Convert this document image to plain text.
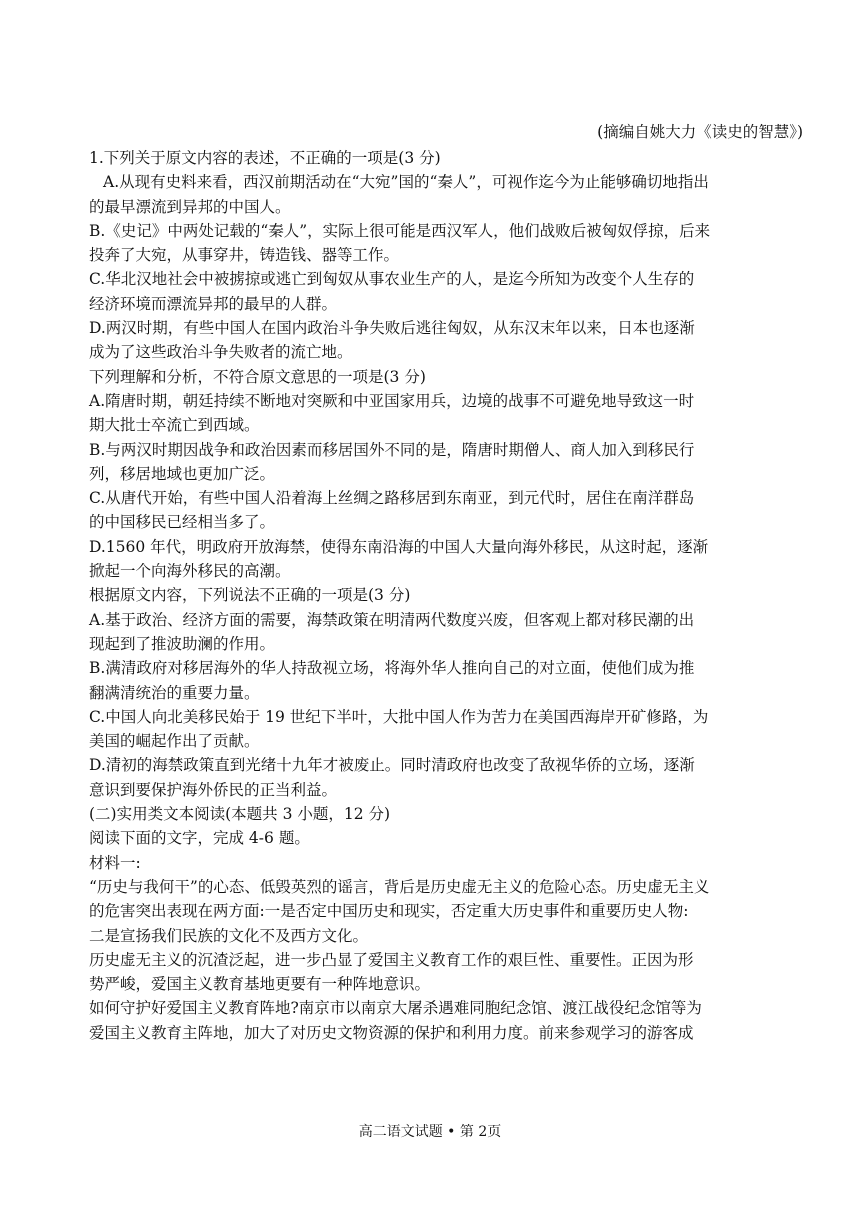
(摘编自姚大力《读史的智慧》)

1.下列关于原文内容的表述，不正确的一项是(3 分)

A.从现有史料来看，西汉前期活动在“大宛”国的“秦人”，可视作迄今为止能够确切地指出

的最早漂流到异邦的中国人。

B.《史记》中两处记载的“秦人”，实际上很可能是西汉军人，他们战败后被匈奴俘掠，后来

投奔了大宛，从事穿井，铸造钱、器等工作。

C.华北汉地社会中被掳掠或逃亡到匈奴从事农业生产的人，是迄今所知为改变个人生存的

经济环境而漂流异邦的最早的人群。

D.两汉时期，有些中国人在国内政治斗争失败后逃往匈奴，从东汉末年以来，日本也逐渐

成为了这些政治斗争失败者的流亡地。

下列理解和分析，不符合原文意思的一项是(3 分)

A.隋唐时期，朝廷持续不断地对突厥和中亚国家用兵，边境的战事不可避免地导致这一时

期大批士卒流亡到西域。

B.与两汉时期因战争和政治因素而移居国外不同的是，隋唐时期僧人、商人加入到移民行

列，移居地域也更加广泛。

C.从唐代开始，有些中国人沿着海上丝绸之路移居到东南亚，到元代时，居住在南洋群岛

的中国移民已经相当多了。

D.1560 年代，明政府开放海禁，使得东南沿海的中国人大量向海外移民，从这时起，逐渐

掀起一个向海外移民的高潮。

根据原文内容，下列说法不正确的一项是(3 分)

A.基于政治、经济方面的需要，海禁政策在明清两代数度兴废，但客观上都对移民潮的出

现起到了推波助澜的作用。

B.满清政府对移居海外的华人持敌视立场，将海外华人推向自己的对立面，使他们成为推

翻满清统治的重要力量。

C.中国人向北美移民始于 19 世纪下半叶，大批中国人作为苦力在美国西海岸开矿修路，为

美国的崛起作出了贡献。

D.清初的海禁政策直到光绪十九年才被废止。同时清政府也改变了敌视华侨的立场，逐渐

意识到要保护海外侨民的正当利益。

(二)实用类文本阅读(本题共 3 小题，12 分)

阅读下面的文字，完成 4-6 题。

材料一:

“历史与我何干”的心态、低毁英烈的谣言，背后是历史虚无主义的危险心态。历史虚无主义

的危害突出表现在两方面:一是否定中国历史和现实，否定重大历史事件和重要历史人物:

二是宣扬我们民族的文化不及西方文化。

历史虚无主义的沉渣泛起，进一步凸显了爱国主义教育工作的艰巨性、重要性。正因为形

势严峻，爱国主义教育基地更要有一种阵地意识。

如何守护好爱国主义教育阵地?南京市以南京大屠杀遇难同胞纪念馆、渡江战役纪念馆等为

爱国主义教育主阵地，加大了对历史文物资源的保护和利用力度。前来参观学习的游客成

高二语文试题 • 第 2页
